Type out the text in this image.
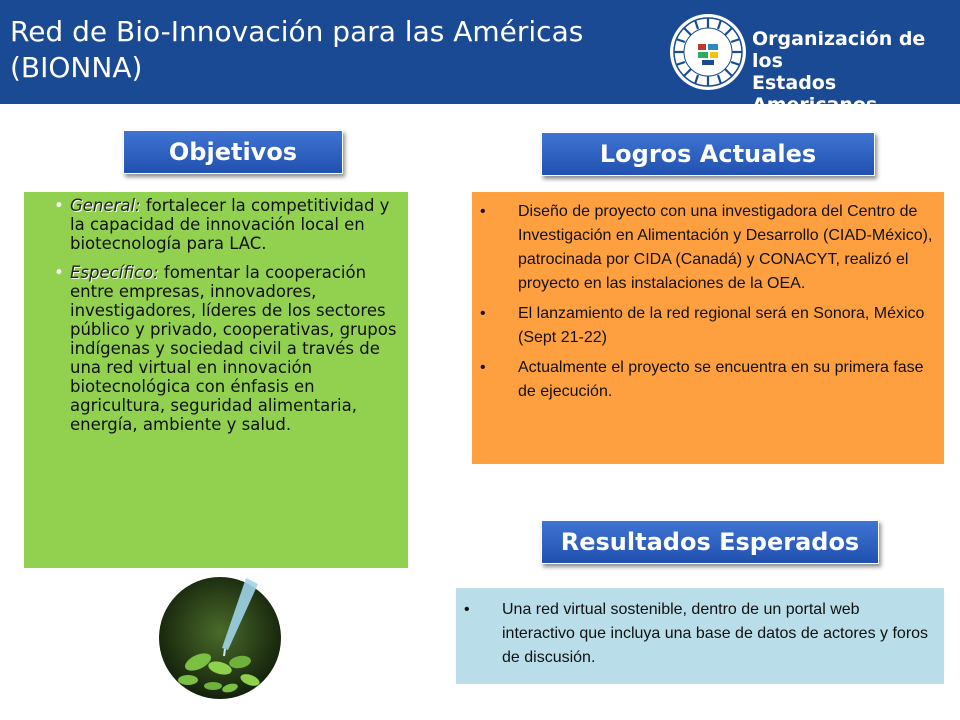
Red de Bio-Innovación para las Américas
(BIONNA)
Organización de los
Estados Americanos
Objetivos	Logros Actuales
Resultados Esperados
• General: fortalecer la competitividad y la capacidad de innovación local en biotecnología para LAC.
• Específico: fomentar la cooperación entre empresas, innovadores, investigadores, líderes de los sectores público y privado, cooperativas, grupos indígenas y sociedad civil a través de una red virtual en innovación biotecnológica con énfasis en agricultura, seguridad alimentaria, energía, ambiente y salud.
• Diseño de proyecto con una investigadora del Centro de Investigación en Alimentación y Desarrollo (CIAD-México), patrocinada por CIDA (Canadá) y CONACYT, realizó el proyecto en las instalaciones de la OEA.
• El lanzamiento de la red regional será en Sonora, México (Sept 21-22)
• Actualmente el proyecto se encuentra en su primera fase de ejecución.
• Una red virtual sostenible, dentro de un portal web interactivo que incluya una base de datos de actores y foros de discusión.
